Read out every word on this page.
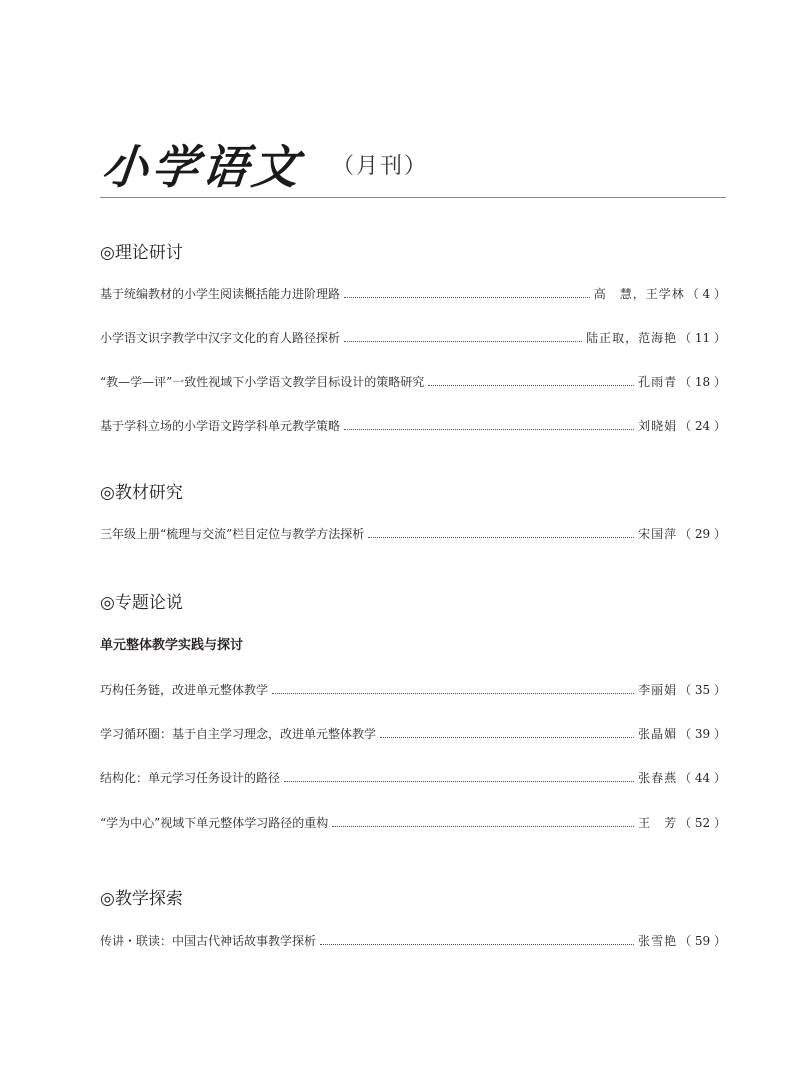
小学语文 （月刊）
◎理论研讨
基于统编教材的小学生阅读概括能力进阶理路	高　慧，王学林 （ 4 ）
小学语文识字教学中汉字文化的育人路径探析	陆正取，范海艳 （ 11 ）
“教—学—评”一致性视域下小学语文教学目标设计的策略研究	孔雨青 （ 18 ）
基于学科立场的小学语文跨学科单元教学策略	刘晓娟 （ 24 ）
◎教材研究
三年级上册“梳理与交流”栏目定位与教学方法探析	宋国萍 （ 29 ）
◎专题论说
单元整体教学实践与探讨
巧构任务链，改进单元整体教学	李丽娟 （ 35 ）
学习循环圈：基于自主学习理念，改进单元整体教学	张晶媚 （ 39 ）
结构化：单元学习任务设计的路径	张春燕 （ 44 ）
“学为中心”视域下单元整体学习路径的重构	王　芳 （ 52 ）
◎教学探索
传讲・联读：中国古代神话故事教学探析	张雪艳 （ 59 ）
